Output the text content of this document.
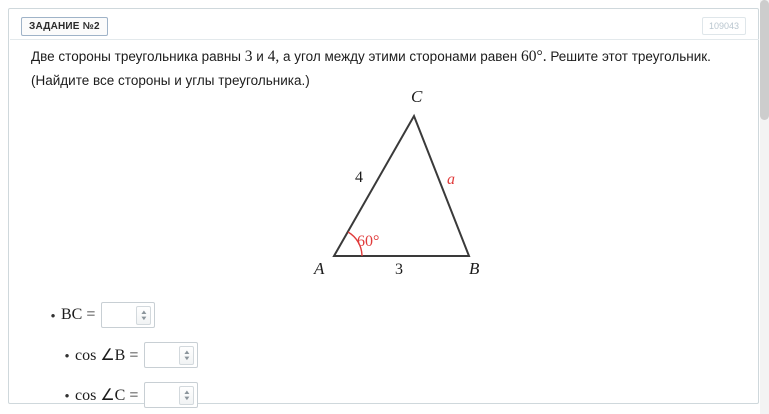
ЗАДАНИЕ №2	109043
Две стороны треугольника равны 3 и 4, а угол между этими сторонами равен 60°. Решите этот треугольник.
(Найдите все стороны и углы треугольника.)
C
A	B
4
3
a
60°
• BC =	▲
▼
• cos ∠B =	▲
▼
• cos ∠C =	▲
▼
